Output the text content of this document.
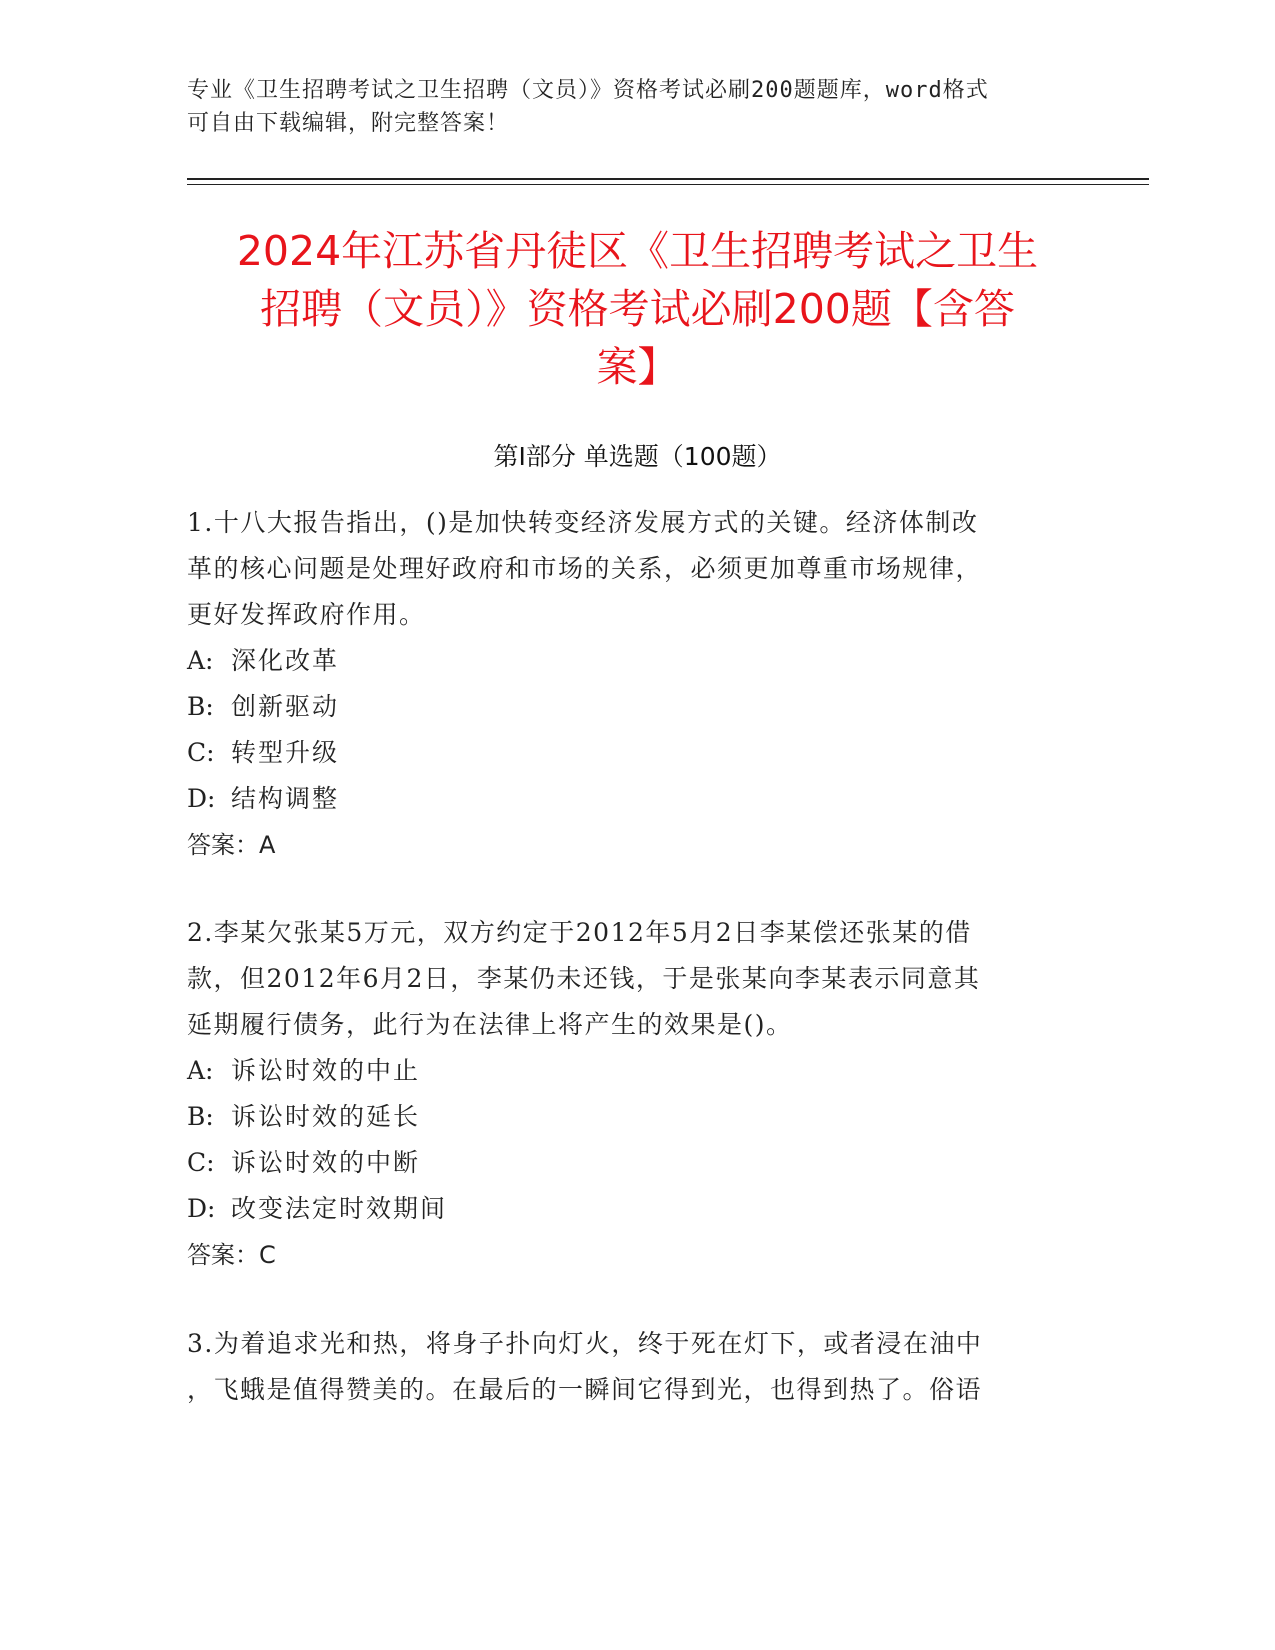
专业《卫生招聘考试之卫生招聘（文员）》资格考试必刷200题题库，word格式
可自由下载编辑，附完整答案！
2024年江苏省丹徒区《卫生招聘考试之卫生
招聘（文员）》资格考试必刷200题【含答
案】
第I部分 单选题（100题）
1.十八大报告指出，()是加快转变经济发展方式的关键。经济体制改
革的核心问题是处理好政府和市场的关系，必须更加尊重市场规律，
更好发挥政府作用。
A: 深化改革
B: 创新驱动
C: 转型升级
D: 结构调整
答案：A
2.李某欠张某5万元，双方约定于2012年5月2日李某偿还张某的借
款，但2012年6月2日，李某仍未还钱，于是张某向李某表示同意其
延期履行债务，此行为在法律上将产生的效果是()。
A: 诉讼时效的中止
B: 诉讼时效的延长
C: 诉讼时效的中断
D: 改变法定时效期间
答案：C
3.为着追求光和热，将身子扑向灯火，终于死在灯下，或者浸在油中
，飞蛾是值得赞美的。在最后的一瞬间它得到光，也得到热了。俗语
